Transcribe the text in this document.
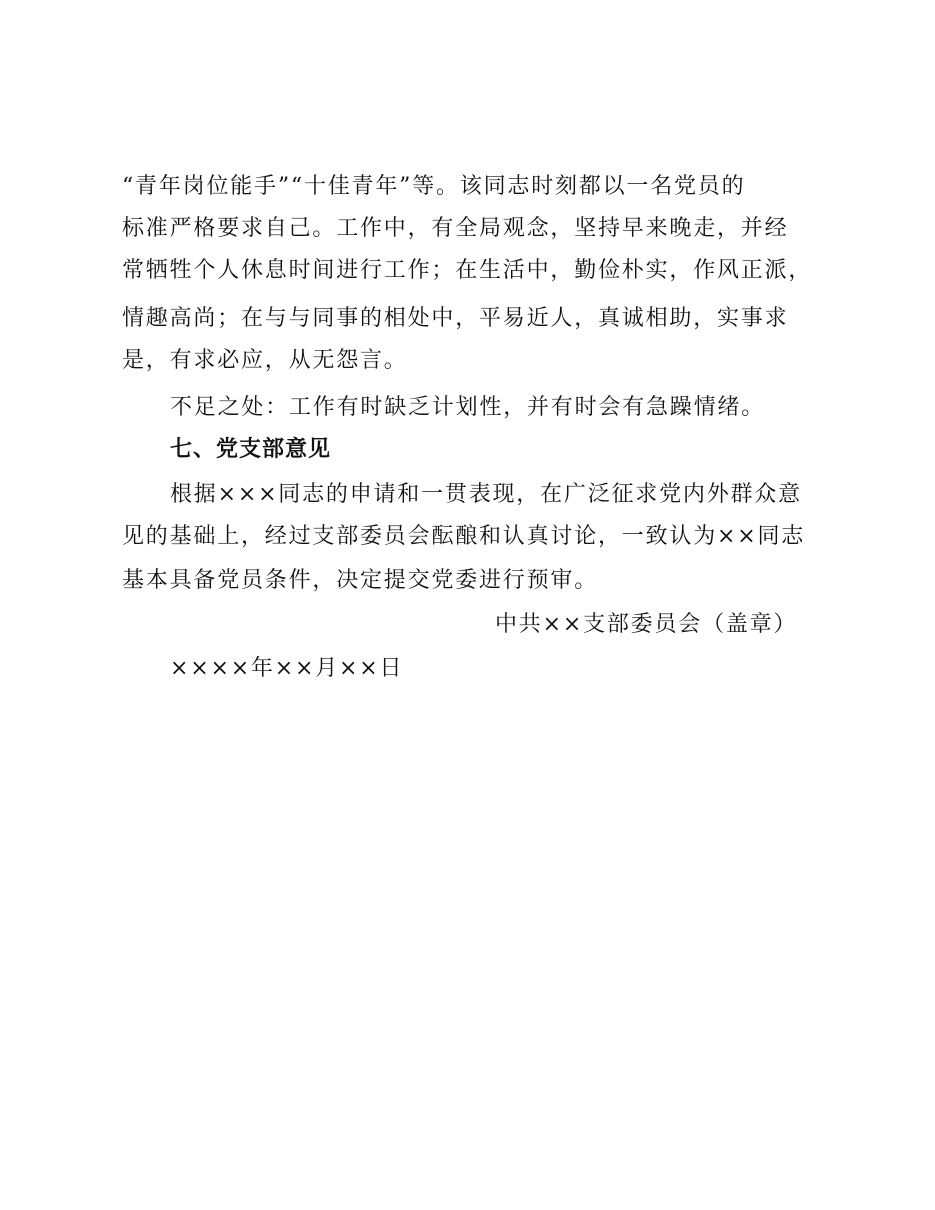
“青年岗位能手”“十佳青年”等。该同志时刻都以一名党员的
标准严格要求自己。工作中，有全局观念，坚持早来晚走，并经
常牺牲个人休息时间进行工作；在生活中，勤俭朴实，作风正派，
情趣高尚；在与与同事的相处中，平易近人，真诚相助，实事求
是，有求必应，从无怨言。
不足之处：工作有时缺乏计划性，并有时会有急躁情绪。
七、党支部意见
根据×××同志的申请和一贯表现，在广泛征求党内外群众意
见的基础上，经过支部委员会酝酿和认真讨论，一致认为××同志
基本具备党员条件，决定提交党委进行预审。
中共××支部委员会（盖章）
××××年××月××日
